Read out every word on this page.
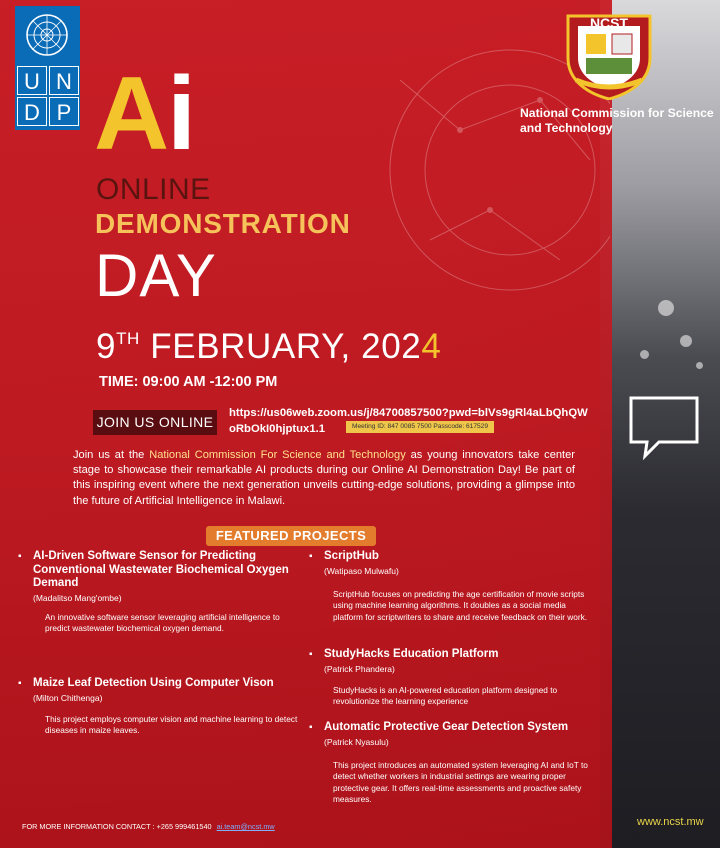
U N
D P
NCST
National Commission for Science and Technology
Ai
ONLINE
DEMONSTRATION
DAY
9TH FEBRUARY, 2024
TIME: 09:00 AM -12:00 PM
JOIN US ONLINE
https://us06web.zoom.us/j/84700857500?pwd=blVs9gRl4aLbQhQWoRbOkI0hjptux1.1	Meeting ID: 847 0085 7500 Passcode: 617529
Join us at the National Commission For Science and Technology as young innovators take center stage to showcase their remarkable AI products during our Online AI Demonstration Day! Be part of this inspiring event where the next generation unveils cutting-edge solutions, providing a glimpse into the future of Artificial Intelligence in Malawi.
FEATURED PROJECTS
▪ AI-Driven Software Sensor for Predicting Conventional Wastewater Biochemical Oxygen Demand
(Madalitso Mang'ombe)
An innovative software sensor leveraging artificial intelligence to predict wastewater biochemical oxygen demand.
▪ Maize Leaf Detection Using Computer Vison
(Milton Chithenga)
This project employs computer vision and machine learning to detect diseases in maize leaves.
▪ ScriptHub
(Watipaso Mulwafu)
ScriptHub focuses on predicting the age certification of movie scripts using machine learning algorithms. It doubles as a social media platform for scriptwriters to share and receive feedback on their work.
▪ StudyHacks Education Platform
(Patrick Phandera)
StudyHacks is an AI-powered education platform designed to revolutionize the learning experience
▪ Automatic Protective Gear Detection System
(Patrick Nyasulu)
This project introduces an automated system leveraging AI and IoT to detect whether workers in industrial settings are wearing proper protective gear. It offers real-time assessments and proactive safety measures.
FOR MORE INFORMATION CONTACT : +265 999461540 ai.team@ncst.mw	www.ncst.mw
